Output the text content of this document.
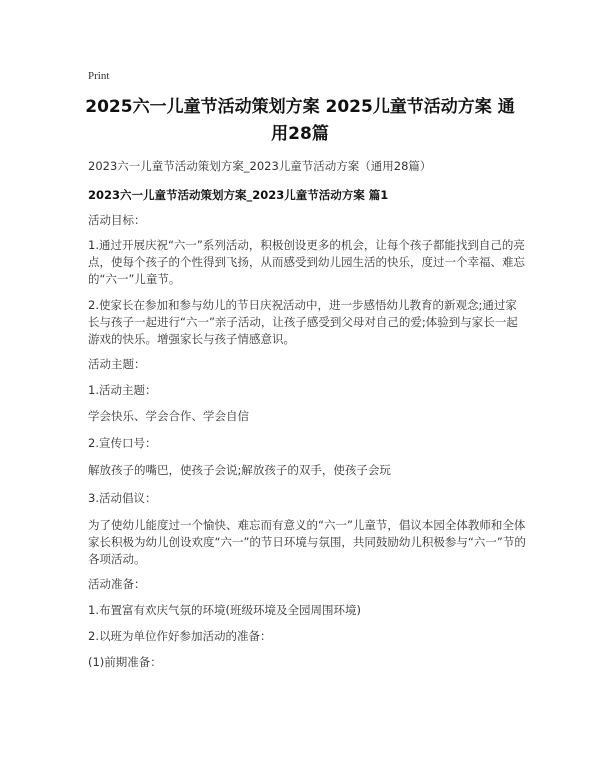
Print
2025六一儿童节活动策划方案 2025儿童节活动方案 通用28篇
2023六一儿童节活动策划方案_2023儿童节活动方案（通用28篇）
2023六一儿童节活动策划方案_2023儿童节活动方案 篇1
活动目标：
1.通过开展庆祝“六一”系列活动，积极创设更多的机会，让每个孩子都能找到自己的亮点，使每个孩子的个性得到飞扬，从而感受到幼儿园生活的快乐，度过一个幸福、难忘的“六一”儿童节。
2.使家长在参加和参与幼儿的节日庆祝活动中，进一步感悟幼儿教育的新观念;通过家长与孩子一起进行“六一”亲子活动，让孩子感受到父母对自己的爱;体验到与家长一起游戏的快乐。增强家长与孩子情感意识。
活动主题：
1.活动主题：
学会快乐、学会合作、学会自信
2.宣传口号：
解放孩子的嘴巴，使孩子会说;解放孩子的双手，使孩子会玩
3.活动倡议：
为了使幼儿能度过一个愉快、难忘而有意义的“六一”儿童节，倡议本园全体教师和全体家长积极为幼儿创设欢度“六一”的节日环境与氛围，共同鼓励幼儿积极参与“六一”节的各项活动。
活动准备：
1.布置富有欢庆气氛的环境(班级环境及全园周围环境)
2.以班为单位作好参加活动的准备：
(1)前期准备：
